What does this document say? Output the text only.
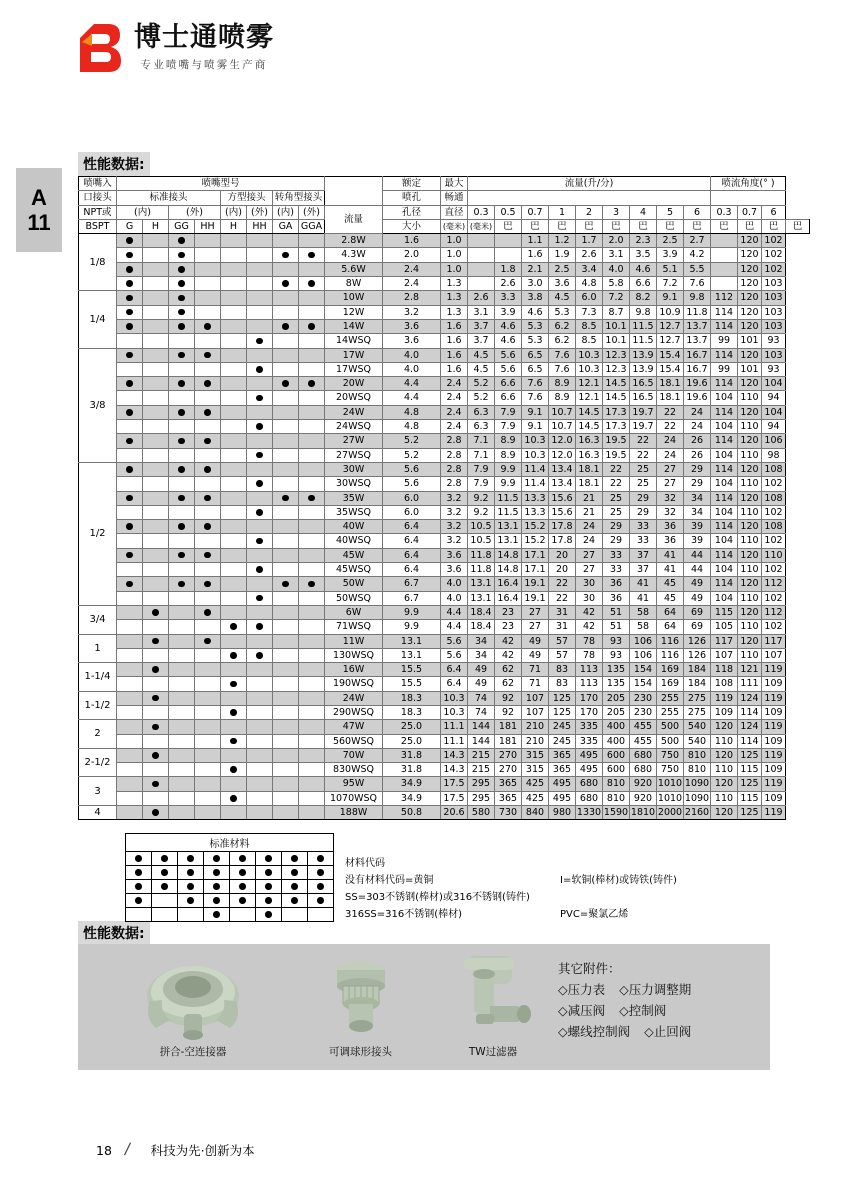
博士通喷雾
专业喷嘴与喷雾生产商
A
11
性能数据:
性能数据:
喷嘴入	喷嘴型号									额定	最大	流量(升/分)									喷流角度(° )			
口接头	标准接头				方型接头		转角型接头			喷孔	畅通													
NPT或	(内)		(外)		(内)	(外)	(内)	(外)	流量	孔径	直径	0.3	0.5	0.7	1	2	3	4	5	6	0.3	0.7	6	
BSPT	G	H	GG	HH	H	HH	GA	GGA		大小	(毫米)	(毫米)	巴	巴	巴	巴	巴	巴	巴	巴	巴	巴	巴	巴
1/8									2.8W	1.6	1.0			1.1	1.2	1.7	2.0	2.3	2.5	2.7		120	102	
									4.3W	2.0	1.0			1.6	1.9	2.6	3.1	3.5	3.9	4.2		120	102	
									5.6W	2.4	1.0		1.8	2.1	2.5	3.4	4.0	4.6	5.1	5.5		120	102	
									8W	2.4	1.3		2.6	3.0	3.6	4.8	5.8	6.6	7.2	7.6		120	103	
1/4									10W	2.8	1.3	2.6	3.3	3.8	4.5	6.0	7.2	8.2	9.1	9.8	112	120	103	
									12W	3.2	1.3	3.1	3.9	4.6	5.3	7.3	8.7	9.8	10.9	11.8	114	120	103	
									14W	3.6	1.6	3.7	4.6	5.3	6.2	8.5	10.1	11.5	12.7	13.7	114	120	103	
									14WSQ	3.6	1.6	3.7	4.6	5.3	6.2	8.5	10.1	11.5	12.7	13.7	99	101	93	
3/8									17W	4.0	1.6	4.5	5.6	6.5	7.6	10.3	12.3	13.9	15.4	16.7	114	120	103	
									17WSQ	4.0	1.6	4.5	5.6	6.5	7.6	10.3	12.3	13.9	15.4	16.7	99	101	93	
									20W	4.4	2.4	5.2	6.6	7.6	8.9	12.1	14.5	16.5	18.1	19.6	114	120	104	
									20WSQ	4.4	2.4	5.2	6.6	7.6	8.9	12.1	14.5	16.5	18.1	19.6	104	110	94	
									24W	4.8	2.4	6.3	7.9	9.1	10.7	14.5	17.3	19.7	22	24	114	120	104	
									24WSQ	4.8	2.4	6.3	7.9	9.1	10.7	14.5	17.3	19.7	22	24	104	110	94	
									27W	5.2	2.8	7.1	8.9	10.3	12.0	16.3	19.5	22	24	26	114	120	106	
									27WSQ	5.2	2.8	7.1	8.9	10.3	12.0	16.3	19.5	22	24	26	104	110	98	
1/2									30W	5.6	2.8	7.9	9.9	11.4	13.4	18.1	22	25	27	29	114	120	108	
									30WSQ	5.6	2.8	7.9	9.9	11.4	13.4	18.1	22	25	27	29	104	110	102	
									35W	6.0	3.2	9.2	11.5	13.3	15.6	21	25	29	32	34	114	120	108	
									35WSQ	6.0	3.2	9.2	11.5	13.3	15.6	21	25	29	32	34	104	110	102	
									40W	6.4	3.2	10.5	13.1	15.2	17.8	24	29	33	36	39	114	120	108	
									40WSQ	6.4	3.2	10.5	13.1	15.2	17.8	24	29	33	36	39	104	110	102	
									45W	6.4	3.6	11.8	14.8	17.1	20	27	33	37	41	44	114	120	110	
									45WSQ	6.4	3.6	11.8	14.8	17.1	20	27	33	37	41	44	104	110	102	
									50W	6.7	4.0	13.1	16.4	19.1	22	30	36	41	45	49	114	120	112	
									50WSQ	6.7	4.0	13.1	16.4	19.1	22	30	36	41	45	49	104	110	102	
3/4									6W	9.9	4.4	18.4	23	27	31	42	51	58	64	69	115	120	112	
									71WSQ	9.9	4.4	18.4	23	27	31	42	51	58	64	69	105	110	102	
1									11W	13.1	5.6	34	42	49	57	78	93	106	116	126	117	120	117	
									130WSQ	13.1	5.6	34	42	49	57	78	93	106	116	126	107	110	107	
1-1/4									16W	15.5	6.4	49	62	71	83	113	135	154	169	184	118	121	119	
									190WSQ	15.5	6.4	49	62	71	83	113	135	154	169	184	108	111	109	
1-1/2									24W	18.3	10.3	74	92	107	125	170	205	230	255	275	119	124	119	
									290WSQ	18.3	10.3	74	92	107	125	170	205	230	255	275	109	114	109	
2									47W	25.0	11.1	144	181	210	245	335	400	455	500	540	120	124	119	
									560WSQ	25.0	11.1	144	181	210	245	335	400	455	500	540	110	114	109	
2-1/2									70W	31.8	14.3	215	270	315	365	495	600	680	750	810	120	125	119	
									830WSQ	31.8	14.3	215	270	315	365	495	600	680	750	810	110	115	109	
3									95W	34.9	17.5	295	365	425	495	680	810	920	1010	1090	120	125	119	
									1070WSQ	34.9	17.5	295	365	425	495	680	810	920	1010	1090	110	115	109	
4									188W	50.8	20.6	580	730	840	980	1330	1590	1810	2000	2160	120	125	119	
标准材料							

材料代码
没有材料代码=黄铜	I=软铜(棒材)或铸铁(铸件)
SS=303不锈钢(棒材)或316不锈钢(铸件)
316SS=316不锈钢(棒材)	PVC=聚氯乙烯
拼合-空连接器	可调球形接头	TW过滤器
其它附件：
◇压力表 ◇压力调整期
◇减压阀 ◇控制阀
◇螺线控制阀 ◇止回阀
18 / 科技为先·创新为本
